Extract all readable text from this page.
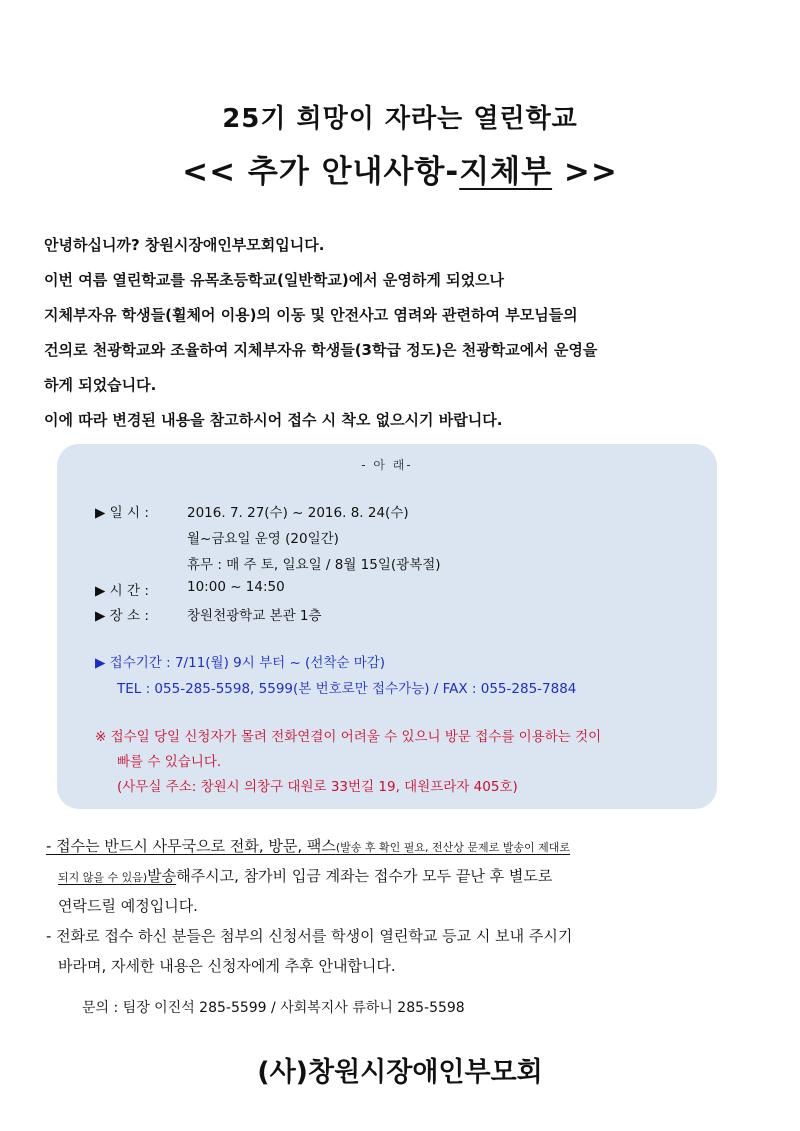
25기 희망이 자라는 열린학교
<< 추가 안내사항-지체부 >>
안녕하십니까? 창원시장애인부모회입니다.
이번 여름 열린학교를 유목초등학교(일반학교)에서 운영하게 되었으나
지체부자유 학생들(휠체어 이용)의 이동 및 안전사고 염려와 관련하여 부모님들의
건의로 천광학교와 조율하여 지체부자유 학생들(3학급 정도)은 천광학교에서 운영을
하게 되었습니다.
이에 따라 변경된 내용을 참고하시어 접수 시 착오 없으시기 바랍니다.
- 아 래-
▶ 일 시 :	2016. 7. 27(수) ~ 2016. 8. 24(수)
월~금요일 운영 (20일간)
휴무 : 매 주 토, 일요일 / 8월 15일(광복절)
▶ 시 간 :	10:00 ~ 14:50
▶ 장 소 :	창원천광학교 본관 1층
▶ 접수기간 : 7/11(월) 9시 부터 ~ (선착순 마감)
TEL : 055-285-5598, 5599(본 번호로만 접수가능) / FAX : 055-285-7884
※ 접수일 당일 신청자가 몰려 전화연결이 어려울 수 있으니 방문 접수를 이용하는 것이
빠를 수 있습니다.
(사무실 주소: 창원시 의창구 대원로 33번길 19, 대원프라자 405호)
- 접수는 반드시 사무국으로 전화, 방문, 팩스(발송 후 확인 필요, 전산상 문제로 발송이 제대로
되지 않을 수 있음)발송해주시고, 참가비 입금 계좌는 접수가 모두 끝난 후 별도로
연락드릴 예정입니다.
- 전화로 접수 하신 분들은 첨부의 신청서를 학생이 열린학교 등교 시 보내 주시기
바라며, 자세한 내용은 신청자에게 추후 안내합니다.
문의 : 팀장 이진석 285-5599 / 사회복지사 류하니 285-5598
(사)창원시장애인부모회
